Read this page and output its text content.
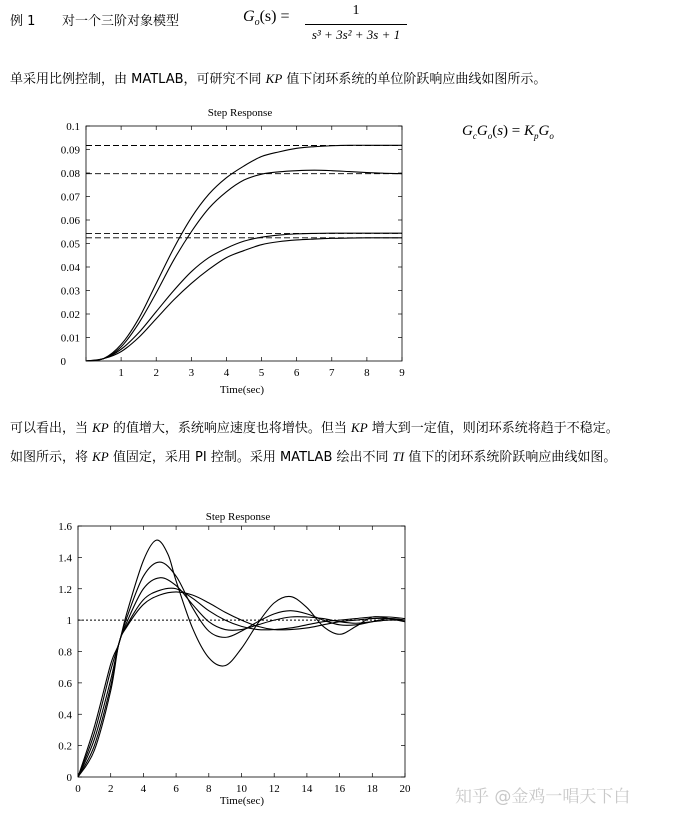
例 1 对一个三阶对象模型	$G_o(s)$ =	1
s³ + 3s² + 3s + 1
单采用比例控制，由 MATLAB，可研究不同 KP 值下闭环系统的单位阶跃响应曲线如图所示。
Step Response
0.01
0.02
0.03
0.04
0.05
0.06
0.07
0.08
0.09
0.1
0
1	2	3	4	5	6	7	8	9
Time(sec)
$G_cG_o(s) = K_pG_o$
可以看出，当 KP 的值增大，系统响应速度也将增快。但当 KP 增大到一定值，则闭环系统将趋于不稳定。
如图所示，将 KP 值固定，采用 PI 控制。采用 MATLAB 绘出不同 TI 值下的闭环系统阶跃响应曲线如图。
Step Response
0
0.2
0.4
0.6
0.8
1
1.2
1.4
1.6
0 2 4 6 8 10 12 14 16 18 20
Time(sec)	知乎 @金鸡一唱天下白
